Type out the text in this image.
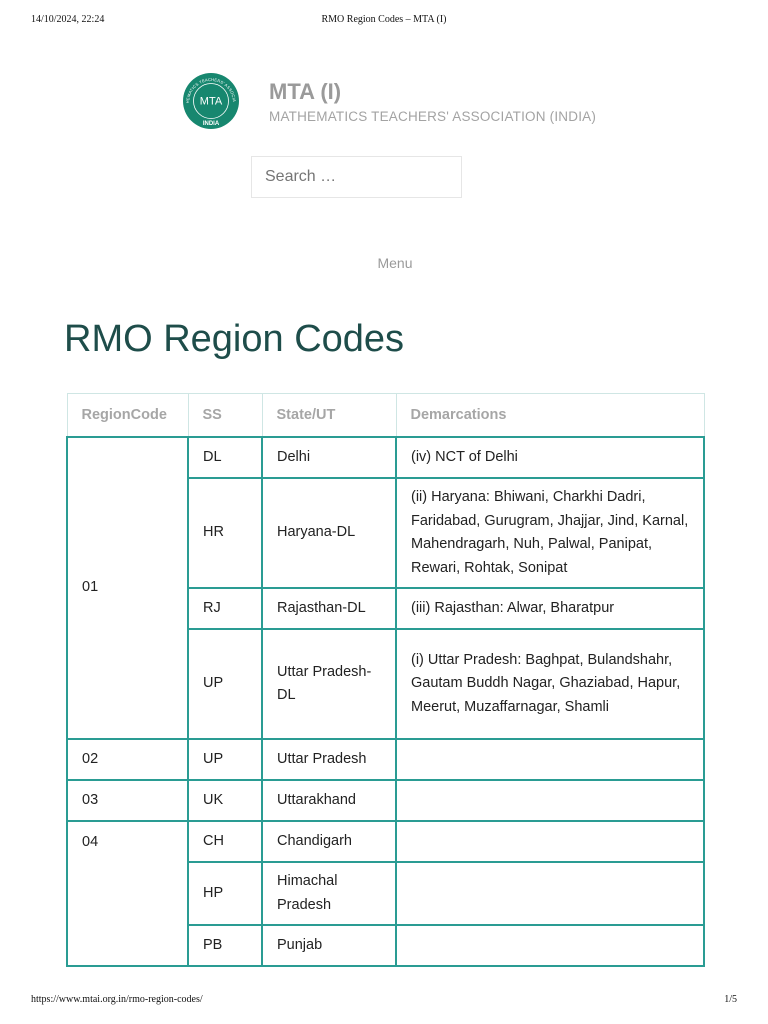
14/10/2024, 22:24	RMO Region Codes – MTA (I)
HEMATICS TEACHERS' ASSOCIA
MTA
INDIA
MTA (I)
MATHEMATICS TEACHERS' ASSOCIATION (INDIA)
Search …
Menu
RMO Region Codes
RegionCode	SS	State/UT	Demarcations
01	DL	Delhi	(iv) NCT of Delhi
	HR	Haryana-DL	(ii) Haryana: Bhiwani, Charkhi Dadri, Faridabad, Gurugram, Jhajjar, Jind, Karnal, Mahendragarh, Nuh, Palwal, Panipat, Rewari, Rohtak, Sonipat
	RJ	Rajasthan-DL	(iii) Rajasthan: Alwar, Bharatpur
	UP	Uttar Pradesh-DL	(i) Uttar Pradesh: Baghpat, Bulandshahr, Gautam Buddh Nagar, Ghaziabad, Hapur, Meerut, Muzaffarnagar, Shamli
02	UP	Uttar Pradesh	
03	UK	Uttarakhand	
04	CH	Chandigarh	
	HP	Himachal Pradesh	
	PB	Punjab	
https://www.mtai.org.in/rmo-region-codes/	1/5
